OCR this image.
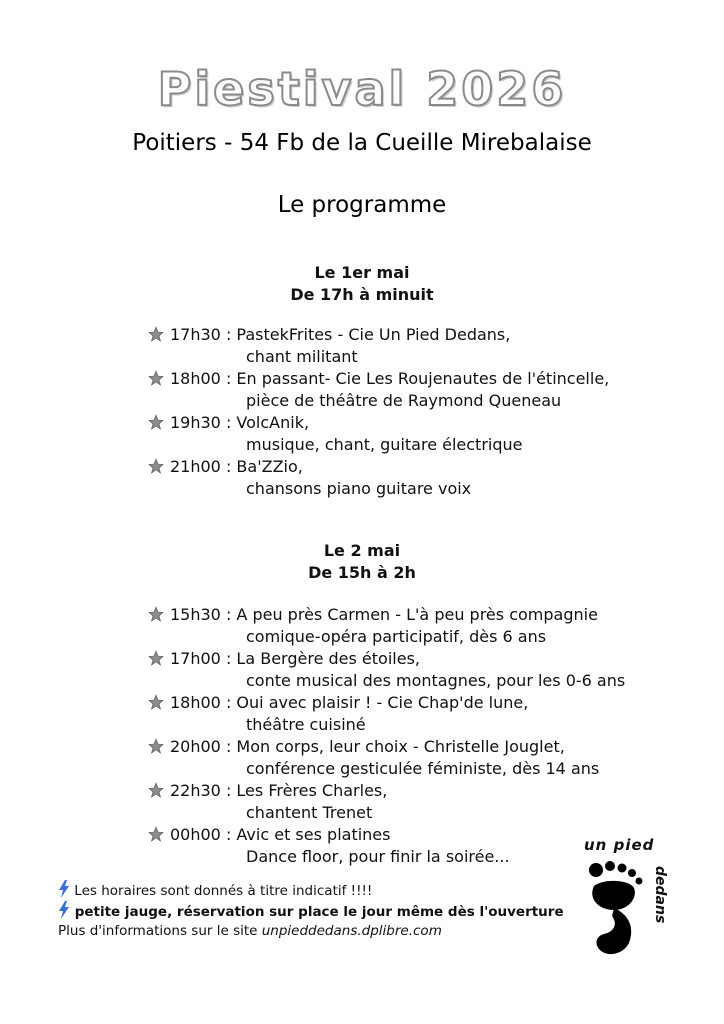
Piestival 2026
Poitiers - 54 Fb de la Cueille Mirebalaise
Le programme
Le 1er mai
De 17h à minuit
17h30 : PastekFrites - Cie Un Pied Dedans,
chant militant
18h00 : En passant- Cie Les Roujenautes de l'étincelle,
pièce de théâtre de Raymond Queneau
19h30 : VolcAnik,
musique, chant, guitare électrique
21h00 : Ba'ZZio,
chansons piano guitare voix
Le 2 mai
De 15h à 2h
15h30 : A peu près Carmen - L'à peu près compagnie
comique-opéra participatif, dès 6 ans
17h00 : La Bergère des étoiles,
conte musical des montagnes, pour les 0-6 ans
18h00 : Oui avec plaisir ! - Cie Chap'de lune,
théâtre cuisiné
20h00 : Mon corps, leur choix - Christelle Jouglet,
conférence gesticulée féministe, dès 14 ans
22h30 : Les Frères Charles,
chantent Trenet
00h00 : Avic et ses platines
Dance floor, pour finir la soirée...
Les horaires sont donnés à titre indicatif !!!!
petite jauge, réservation sur place le jour même dès l'ouverture
Plus d'informations sur le site unpieddedans.dplibre.com
un pied
dedans
